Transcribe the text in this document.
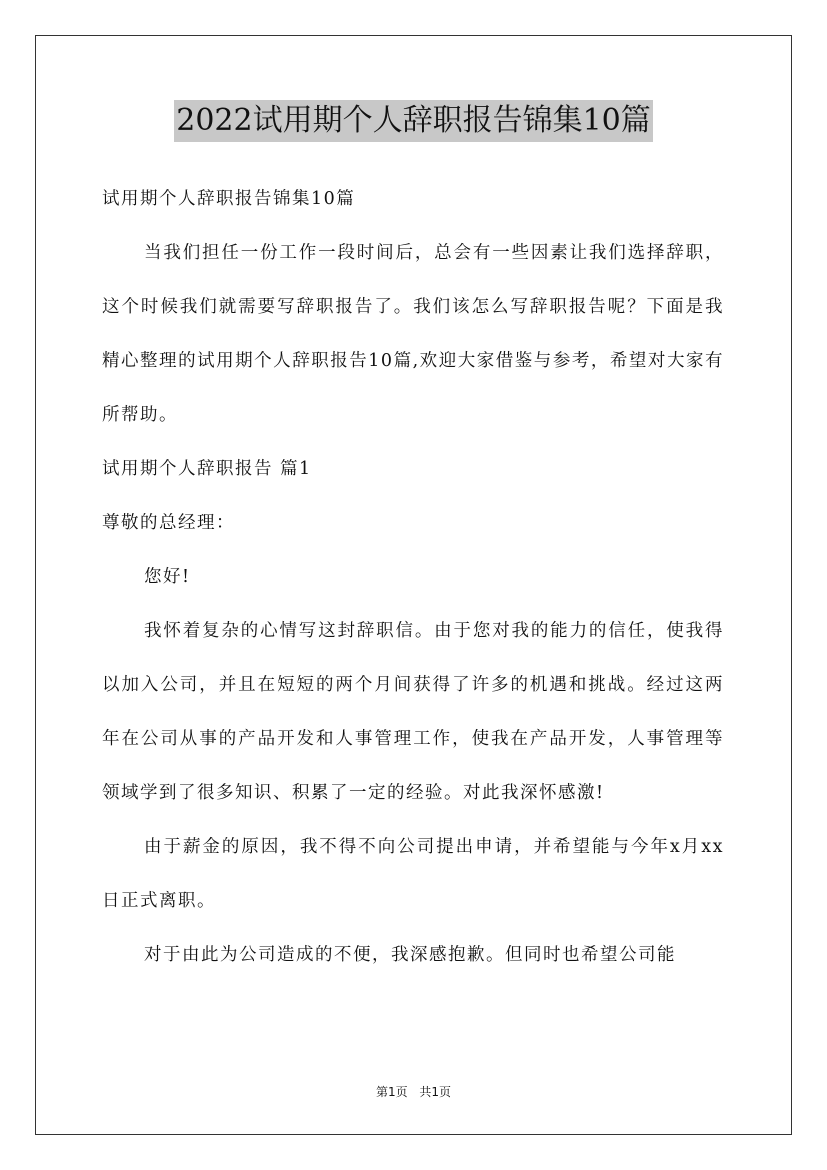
2022试用期个人辞职报告锦集10篇
试用期个人辞职报告锦集10篇
当我们担任一份工作一段时间后，总会有一些因素让我们选择辞职，这个时候我们就需要写辞职报告了。我们该怎么写辞职报告呢？下面是我精心整理的试用期个人辞职报告10篇,欢迎大家借鉴与参考，希望对大家有所帮助。
试用期个人辞职报告 篇1
尊敬的总经理：
您好!
我怀着复杂的心情写这封辞职信。由于您对我的能力的信任，使我得以加入公司，并且在短短的两个月间获得了许多的机遇和挑战。经过这两年在公司从事的产品开发和人事管理工作，使我在产品开发，人事管理等领域学到了很多知识、积累了一定的经验。对此我深怀感激!
由于薪金的原因，我不得不向公司提出申请，并希望能与今年x月xx日正式离职。
对于由此为公司造成的不便，我深感抱歉。但同时也希望公司能
第1页 共1页
